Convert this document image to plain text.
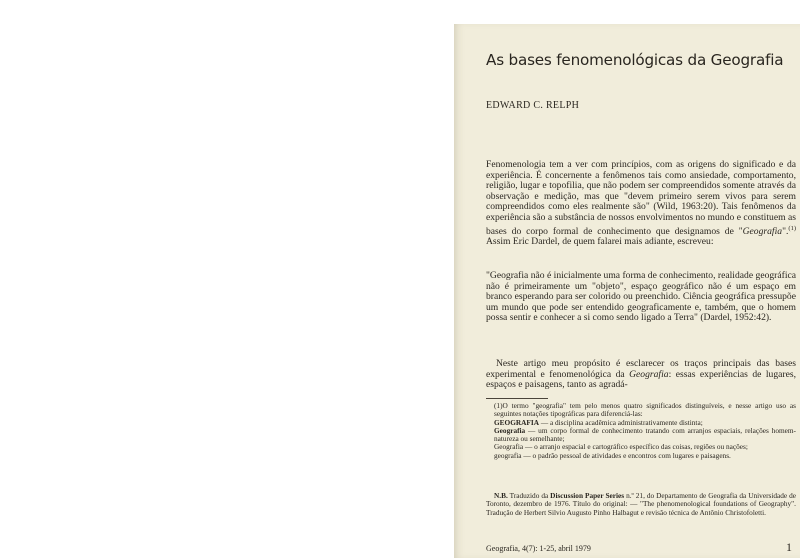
As bases fenomenológicas da Geografia
EDWARD C. RELPH

Fenomenologia tem a ver com princípios, com as origens do significado e da experiência. É concernente a fenômenos tais como ansiedade, comportamento, religião, lugar e topofilia, que não podem ser compreendidos somente através da observação e medição, mas que "devem primeiro serem vivos para serem compreendidos como eles realmente são" (Wild, 1963:20). Tais fenômenos da experiência são a substância de nossos envolvimentos no mundo e constituem as bases do corpo formal de conhecimento que designamos de "Geografia".$^{(1)}$ Assim Eric Dardel, de quem falarei mais adiante, escreveu:

"Geografia não é inicialmente uma forma de conhecimento, realidade geográfica não é primeiramente um "objeto", espaço geográfico não é um espaço em branco esperando para ser colorido ou preenchido. Ciência geográfica pressupõe um mundo que pode ser entendido geograficamente e, também, que o homem possa sentir e conhecer a si como sendo ligado a Terra" (Dardel, 1952:42).

Neste artigo meu propósito é esclarecer os traços principais das bases experimental e fenomenológica da Geografia: essas experiências de lugares, espaços e paisagens, tanto as agradá-

(1)O termo "geografia" tem pelo menos quatro significados distinguíveis, e nesse artigo uso as seguintes notações tipográficas para diferenciá-las:
GEOGRAFIA — a disciplina acadêmica administrativamente distinta;
Geografia — um corpo formal de conhecimento tratando com arranjos espaciais, relações homem-natureza ou semelhante;
Geografia — o arranjo espacial e cartográfico específico das coisas, regiões ou nações;
geografia — o padrão pessoal de atividades e encontros com lugares e paisagens.

N.B. Traduzido da Discussion Paper Series n.º 21, do Departamento de Geografia da Universidade de Toronto, dezembro de 1976. Título do original: — "The phenomenological foundations of Geography". Tradução de Herbert Silvio Augusto Pinho Halbagut e revisão técnica de Antônio Christofoletti.

Geografia, 4(7): 1-25, abril 1979	1
